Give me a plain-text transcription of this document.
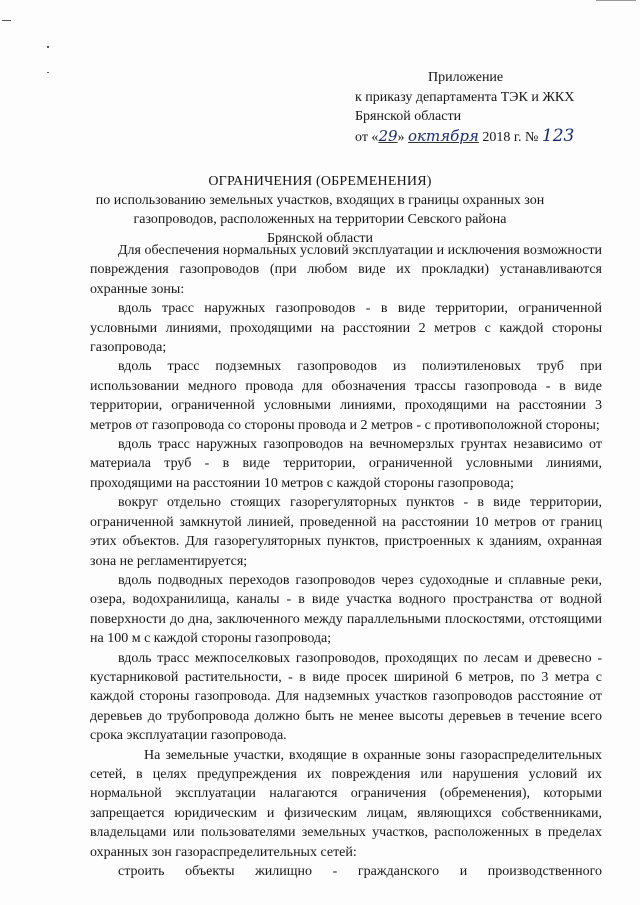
Приложение
к приказу департамента ТЭК и ЖКХ
Брянской области
от «29» октября 2018 г. № 123
ОГРАНИЧЕНИЯ (ОБРЕМЕНЕНИЯ)
по использованию земельных участков, входящих в границы охранных зон
газопроводов, расположенных на территории Севского района
Брянской области

Для обеспечения нормальных условий эксплуатации и исключения возможности повреждения газопроводов (при любом виде их прокладки) устанавливаются охранные зоны:

вдоль трасс наружных газопроводов - в виде территории, ограниченной условными линиями, проходящими на расстоянии 2 метров с каждой стороны газопровода;

вдоль трасс подземных газопроводов из полиэтиленовых труб при использовании медного провода для обозначения трассы газопровода - в виде территории, ограниченной условными линиями, проходящими на расстоянии 3 метров от газопровода со стороны провода и 2 метров - с противоположной стороны;

вдоль трасс наружных газопроводов на вечномерзлых грунтах независимо от материала труб - в виде территории, ограниченной условными линиями, проходящими на расстоянии 10 метров с каждой стороны газопровода;

вокруг отдельно стоящих газорегуляторных пунктов - в виде территории, ограниченной замкнутой линией, проведенной на расстоянии 10 метров от границ этих объектов. Для газорегуляторных пунктов, пристроенных к зданиям, охранная зона не регламентируется;

вдоль подводных переходов газопроводов через судоходные и сплавные реки, озера, водохранилища, каналы - в виде участка водного пространства от водной поверхности до дна, заключенного между параллельными плоскостями, отстоящими на 100 м с каждой стороны газопровода;

вдоль трасс межпоселковых газопроводов, проходящих по лесам и древесно - кустарниковой растительности, - в виде просек шириной 6 метров, по 3 метра с каждой стороны газопровода. Для надземных участков газопроводов расстояние от деревьев до трубопровода должно быть не менее высоты деревьев в течение всего срока эксплуатации газопровода.

На земельные участки, входящие в охранные зоны газораспределительных сетей, в целях предупреждения их повреждения или нарушения условий их нормальной эксплуатации налагаются ограничения (обременения), которыми запрещается юридическим и физическим лицам, являющихся собственниками, владельцами или пользователями земельных участков, расположенных в пределах охранных зон газораспределительных сетей:

строить объекты жилищно - гражданского и производственного
